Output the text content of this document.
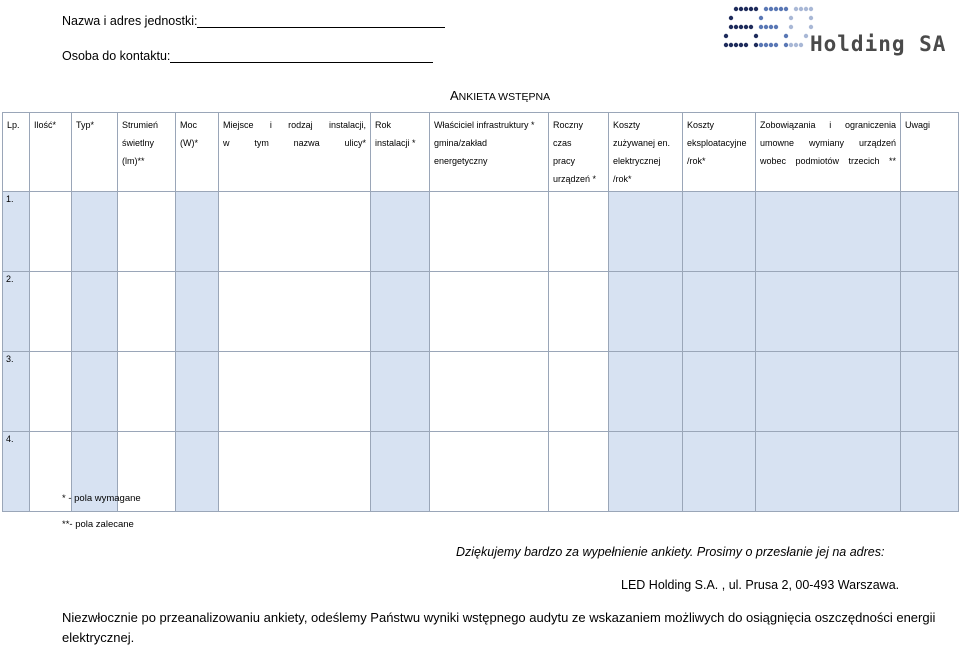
Nazwa i adres jednostki:
Osoba do kontaktu:	Holding SA
ANKIETA WSTĘPNA
Lp.	Ilość*	Typ*	Strumień
świetlny
(lm)**	Moc
(W)*	Miejsce i rodzaj instalacji,
w tym nazwa ulicy*	Rok
instalacji *	Właściciel infrastruktury *
gmina/zakład
energetyczny	Roczny czas
pracy
urządzeń *	Koszty
zużywanej en.
elektrycznej
/rok*	Koszty
eksploatacyjne
/rok*	Zobowiązania i ograniczenia
umowne wymiany urządzeń
wobec podmiotów trzecich **	Uwagi

1.												
2.												
3.												
4.												
* - pola wymagane
**- pola zalecane
Dziękujemy bardzo za wypełnienie ankiety. Prosimy o przesłanie jej na adres:
LED Holding S.A. , ul. Prusa 2, 00-493 Warszawa.
Niezwłocznie po przeanalizowaniu ankiety, odeślemy Państwu wyniki wstępnego audytu ze wskazaniem możliwych do osiągnięcia oszczędności energii elektrycznej.
